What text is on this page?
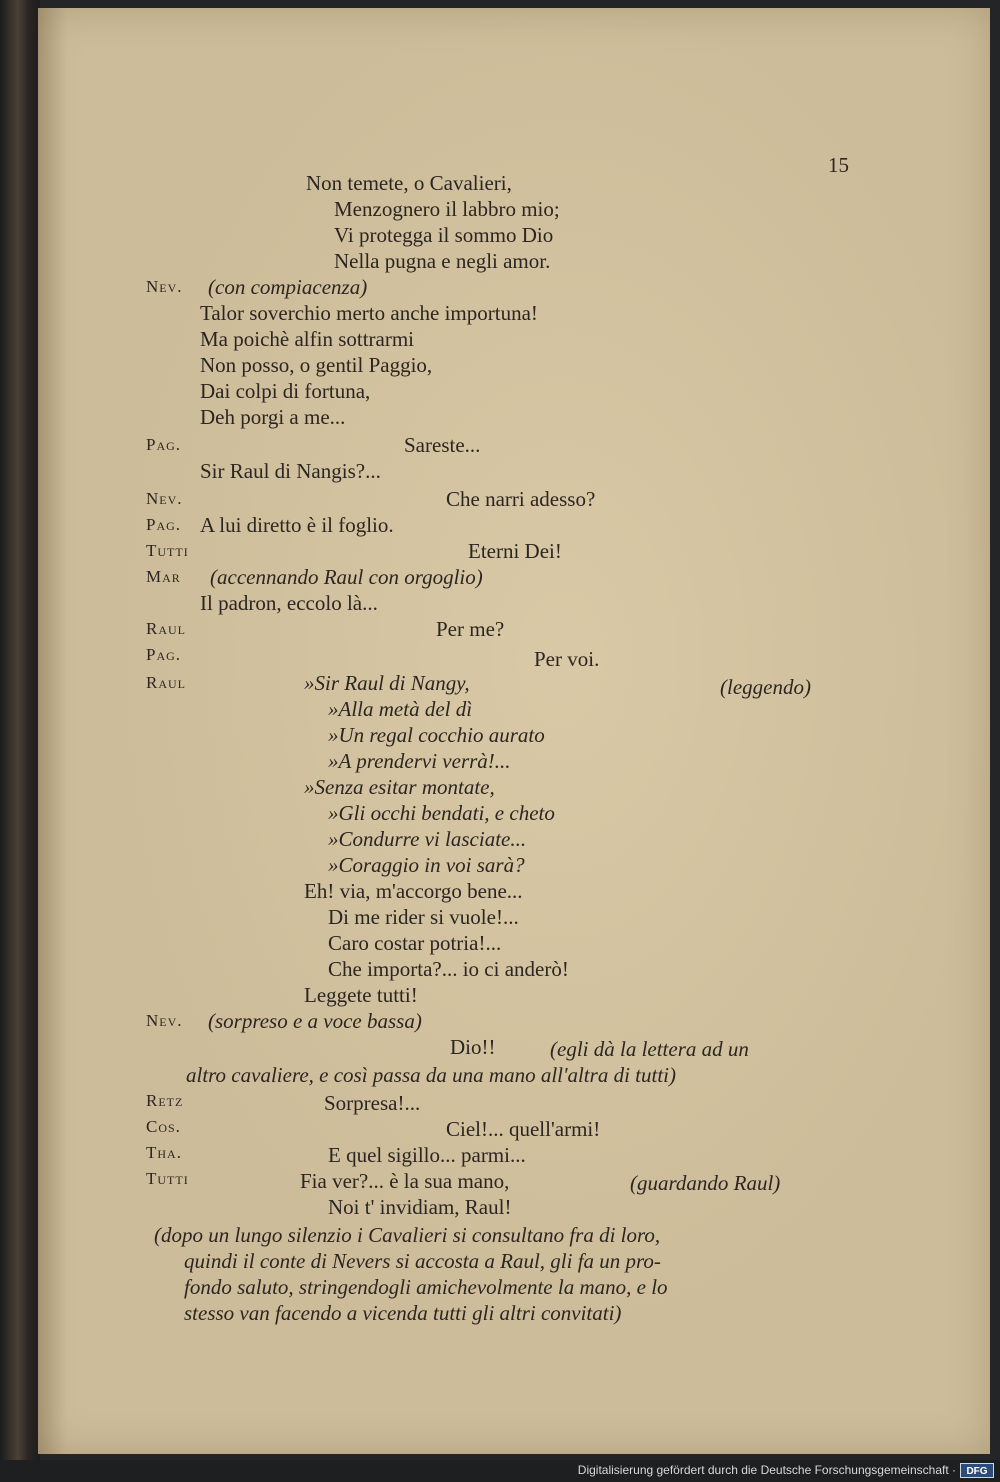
15
Non temete, o Cavalieri,
Menzognero il labbro mio;
Vi protegga il sommo Dio
Nella pugna e negli amor.
Nev. (con compiacenza)
Talor soverchio merto anche importuna!
Ma poichè alfin sottrarmi
Non posso, o gentil Paggio,
Dai colpi di fortuna,
Deh porgi a me...
Pag.	Sareste...
Sir Raul di Nangis?...
Nev.	Che narri adesso?
Pag. A lui diretto è il foglio.
Tutti	Eterni Dei!
Mar (accennando Raul con orgoglio)
Il padron, eccolo là...
Raul	Per me?
Pag.	Per voi.
Raul	»Sir Raul di Nangy,	(leggendo)
»Alla metà del dì
»Un regal cocchio aurato
»A prendervi verrà!...
»Senza esitar montate,
»Gli occhi bendati, e cheto
»Condurre vi lasciate...
»Coraggio in voi sarà?
Eh! via, m'accorgo bene...
Di me rider si vuole!...
Caro costar potria!...
Che importa?... io ci anderò!
Leggete tutti!
Nev. (sorpreso e a voce bassa)
Dio!!	(egli dà la lettera ad un
altro cavaliere, e così passa da una mano all'altra di tutti)
Retz	Sorpresa!...
Cos.	Ciel!... quell'armi!
Tha.	E quel sigillo... parmi...
Tutti	Fia ver?... è la sua mano,	(guardando Raul)
Noi t' invidiam, Raul!
(dopo un lungo silenzio i Cavalieri si consultano fra di loro,
quindi il conte di Nevers si accosta a Raul, gli fa un pro-
fondo saluto, stringendogli amichevolmente la mano, e lo
stesso van facendo a vicenda tutti gli altri convitati)
Digitalisierung gefördert durch die Deutsche Forschungsgemeinschaft ·	DFG
